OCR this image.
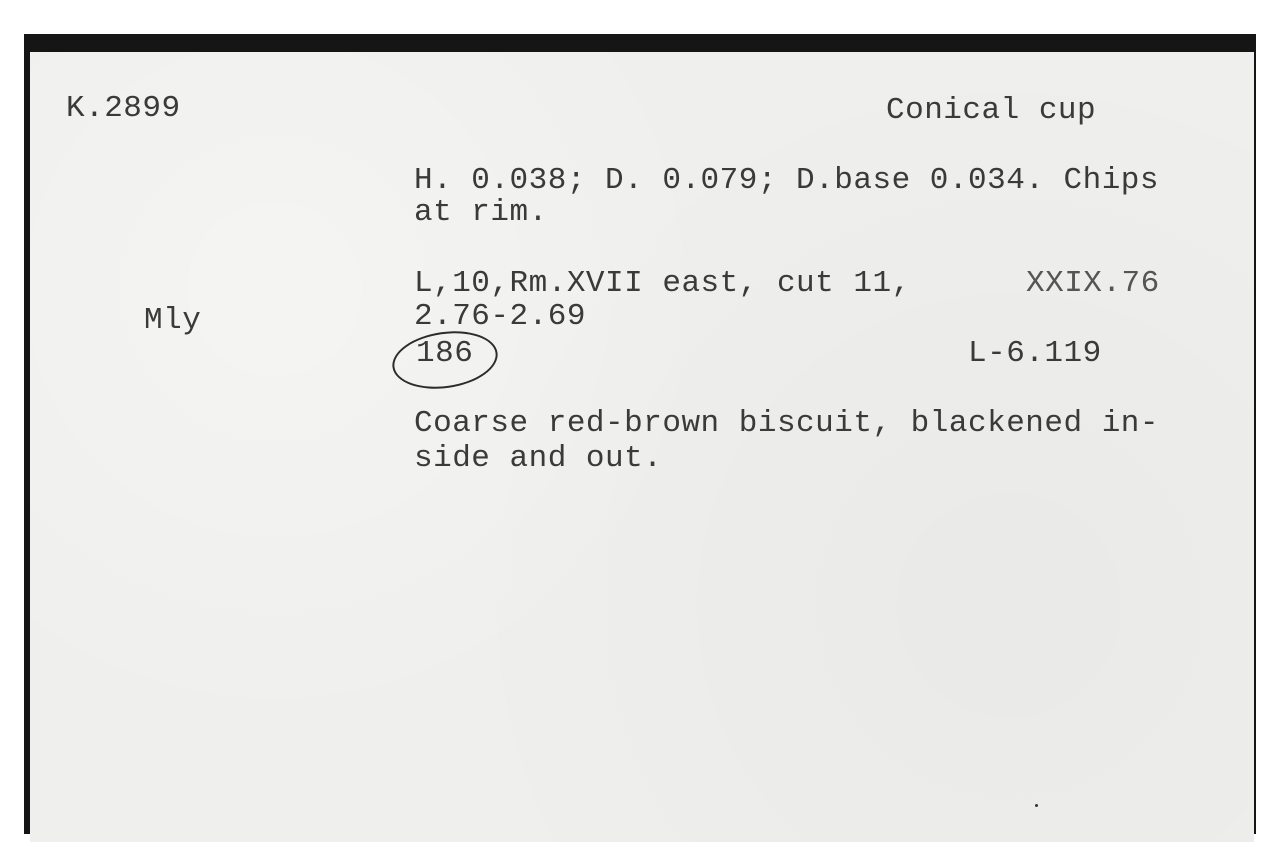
K.2899	Conical cup
H. 0.038; D. 0.079; D.base 0.034. Chips
at rim.
L,10,Rm.XVII east, cut 11,	XXIX.76
2.76-2.69
Mly
186	L-6.119
Coarse red-brown biscuit, blackened in-
side and out.
